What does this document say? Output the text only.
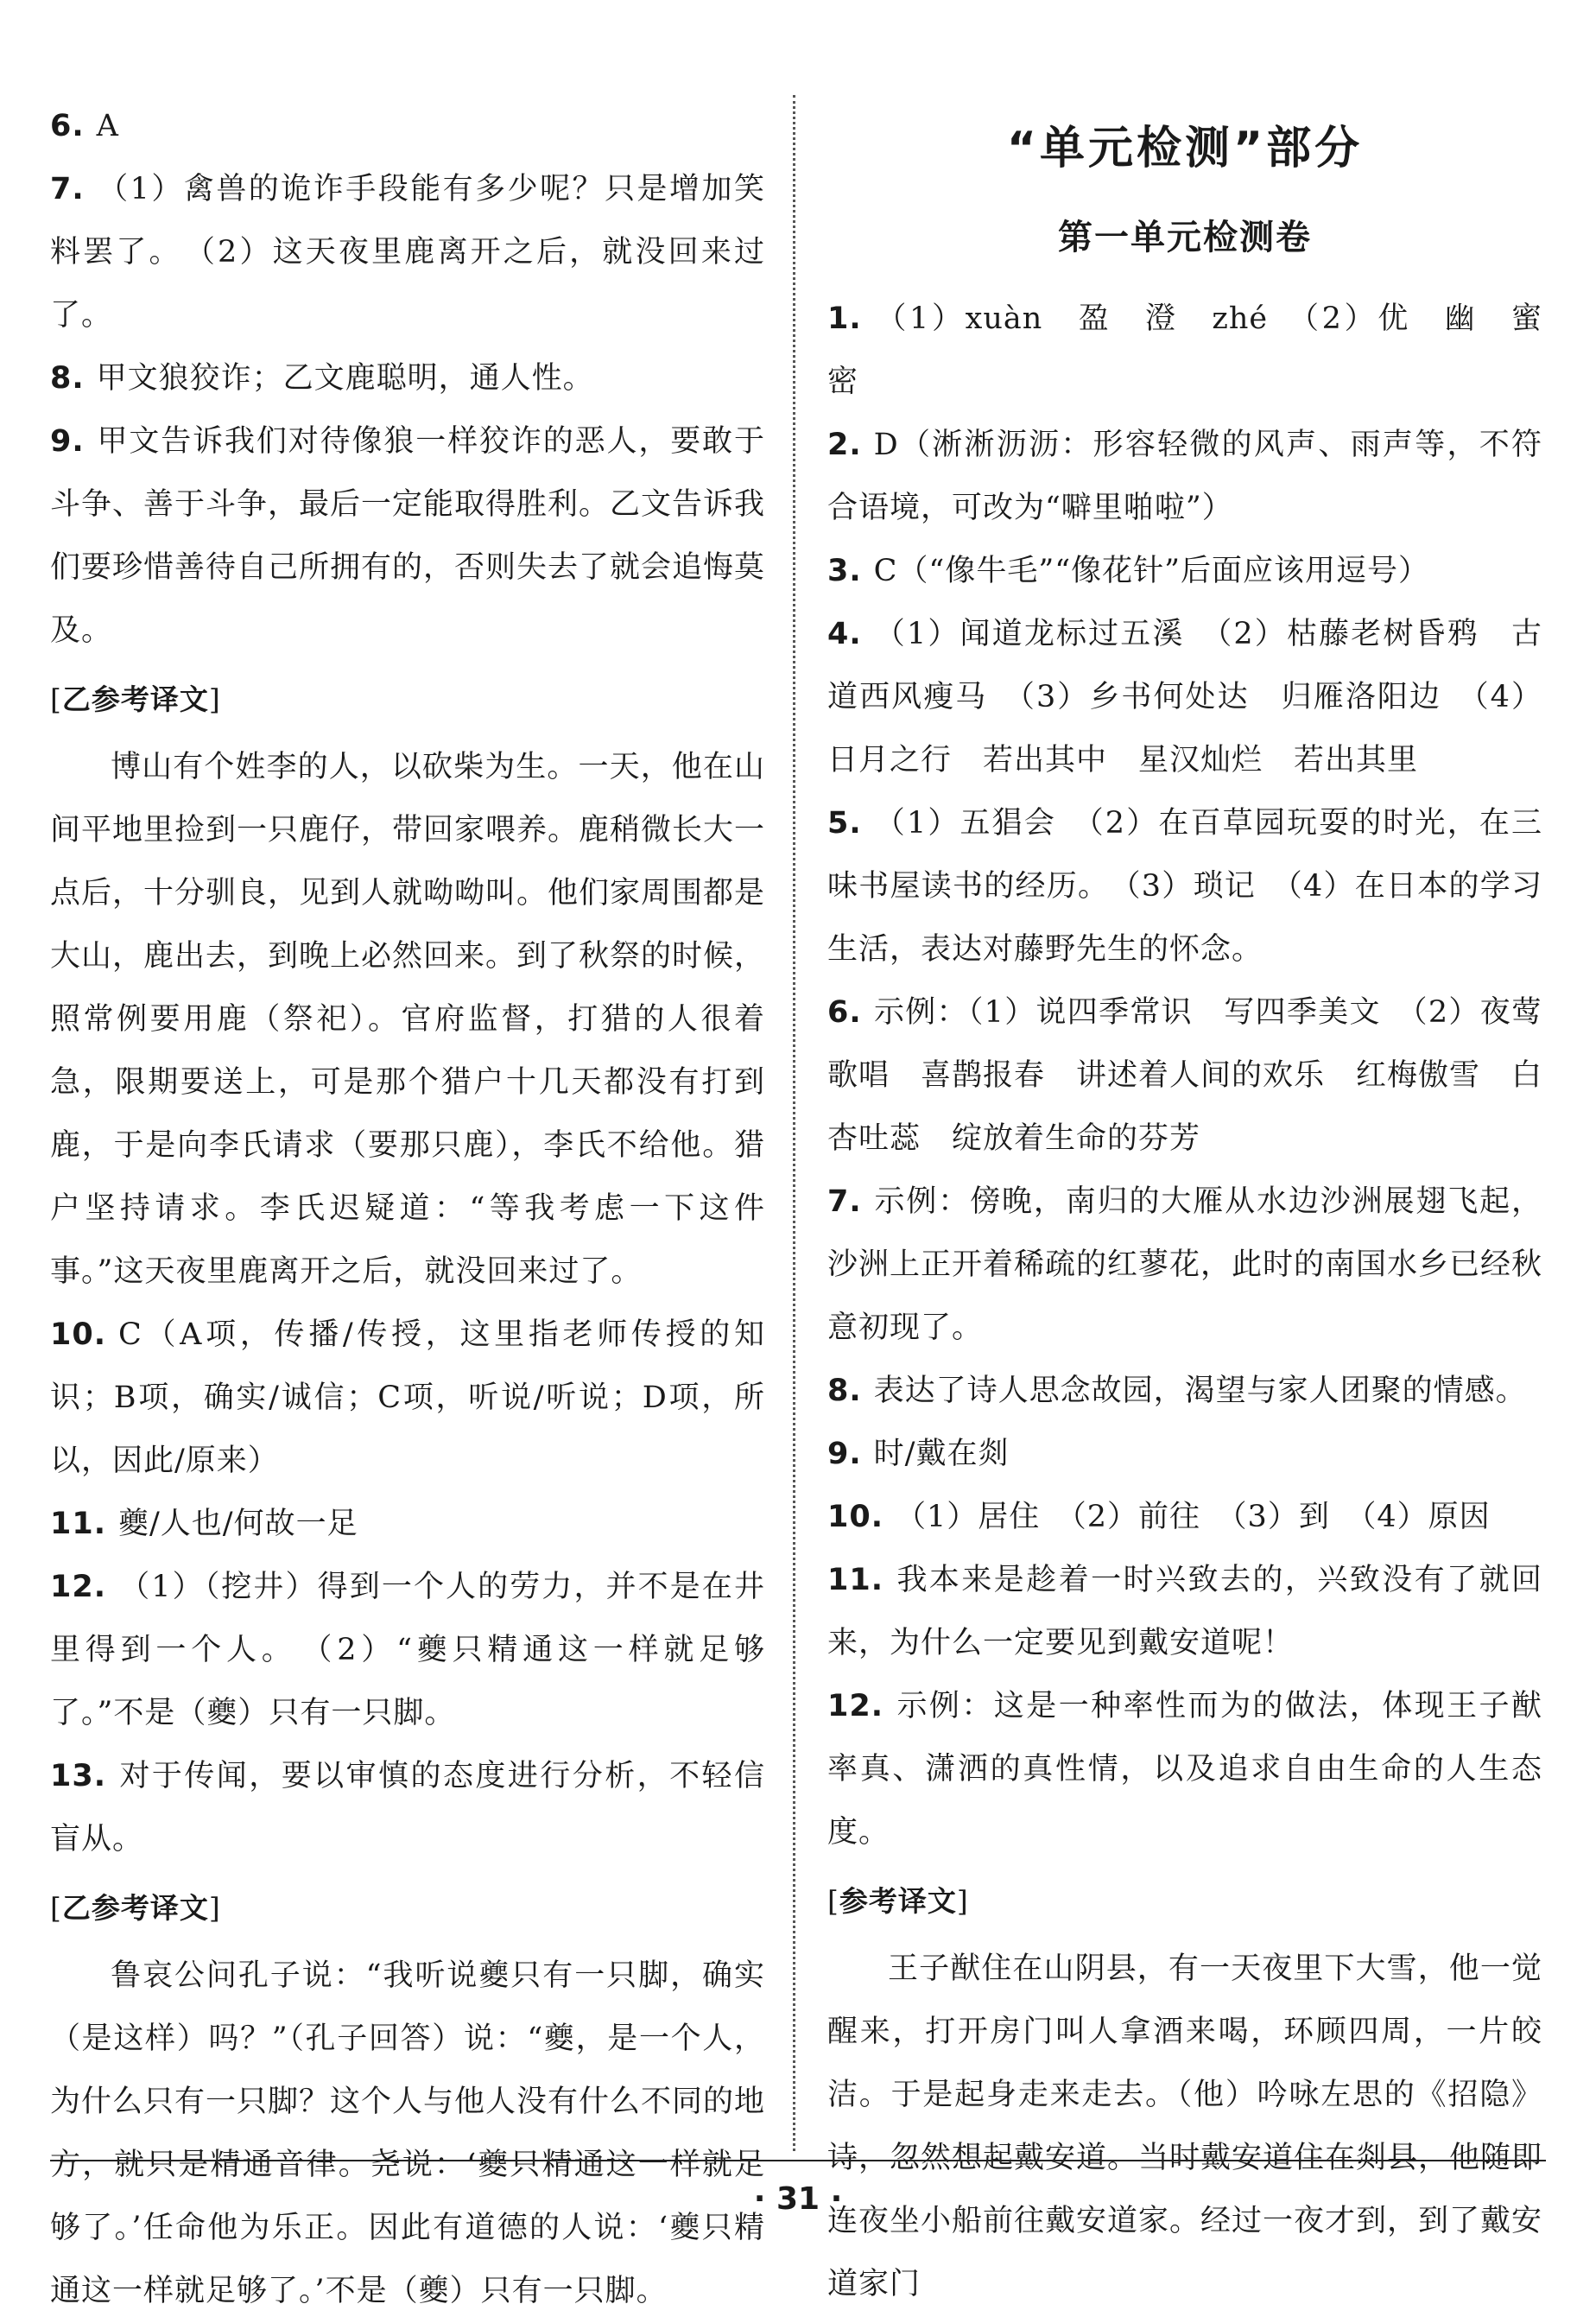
6. A

7. （1）禽兽的诡诈手段能有多少呢？只是增加笑料罢了。　（2）这天夜里鹿离开之后，就没回来过了。

8. 甲文狼狡诈；乙文鹿聪明，通人性。

9. 甲文告诉我们对待像狼一样狡诈的恶人，要敢于斗争、善于斗争，最后一定能取得胜利。乙文告诉我们要珍惜善待自己所拥有的，否则失去了就会追悔莫及。

[乙参考译文]

博山有个姓李的人，以砍柴为生。一天，他在山间平地里捡到一只鹿仔，带回家喂养。鹿稍微长大一点后，十分驯良，见到人就呦呦叫。他们家周围都是大山，鹿出去，到晚上必然回来。到了秋祭的时候，照常例要用鹿（祭祀）。官府监督，打猎的人很着急，限期要送上，可是那个猎户十几天都没有打到鹿，于是向李氏请求（要那只鹿），李氏不给他。猎户坚持请求。李氏迟疑道：“等我考虑一下这件事。”这天夜里鹿离开之后，就没回来过了。

10. C（A项，传播/传授，这里指老师传授的知识；B项，确实/诚信；C项，听说/听说；D项，所以，因此/原来）

11. 夔/人也/何故一足

12. （1）（挖井）得到一个人的劳力，并不是在井里得到一个人。　（2）“夔只精通这一样就足够了。”不是（夔）只有一只脚。

13. 对于传闻，要以审慎的态度进行分析，不轻信盲从。

[乙参考译文]

鲁哀公问孔子说：“我听说夔只有一只脚，确实（是这样）吗？”（孔子回答）说：“夔，是一个人，为什么只有一只脚？这个人与他人没有什么不同的地方，就只是精通音律。尧说：‘夔只精通这一样就足够了。’任命他为乐正。因此有道德的人说：‘夔只精通这一样就足够了。’不是（夔）只有一只脚。

“单元检测”部分
第一单元检测卷

1. （1）xuàn　盈　澄　zhé　（2）优　幽　蜜　密

2. D（淅淅沥沥：形容轻微的风声、雨声等，不符合语境，可改为“噼里啪啦”）

3. C（“像牛毛”“像花针”后面应该用逗号）

4. （1）闻道龙标过五溪　（2）枯藤老树昏鸦　古道西风瘦马　（3）乡书何处达　归雁洛阳边　（4）日月之行　若出其中　星汉灿烂　若出其里

5. （1）五猖会　（2）在百草园玩耍的时光，在三味书屋读书的经历。　（3）琐记　（4）在日本的学习生活，表达对藤野先生的怀念。

6. 示例：（1）说四季常识　写四季美文　（2）夜莺歌唱　喜鹊报春　讲述着人间的欢乐　红梅傲雪　白杏吐蕊　绽放着生命的芬芳

7. 示例：傍晚，南归的大雁从水边沙洲展翅飞起，沙洲上正开着稀疏的红蓼花，此时的南国水乡已经秋意初现了。

8. 表达了诗人思念故园，渴望与家人团聚的情感。

9. 时/戴在剡

10. （1）居住　（2）前往　（3）到　（4）原因

11. 我本来是趁着一时兴致去的，兴致没有了就回来，为什么一定要见到戴安道呢！

12. 示例：这是一种率性而为的做法，体现王子猷率真、潇洒的真性情，以及追求自由生命的人生态度。

[参考译文]

王子猷住在山阴县，有一天夜里下大雪，他一觉醒来，打开房门叫人拿酒来喝，环顾四周，一片皎洁。于是起身走来走去。（他）吟咏左思的《招隐》诗，忽然想起戴安道。当时戴安道住在剡县，他随即连夜坐小船前往戴安道家。经过一夜才到，到了戴安道家门

· 31 ·
